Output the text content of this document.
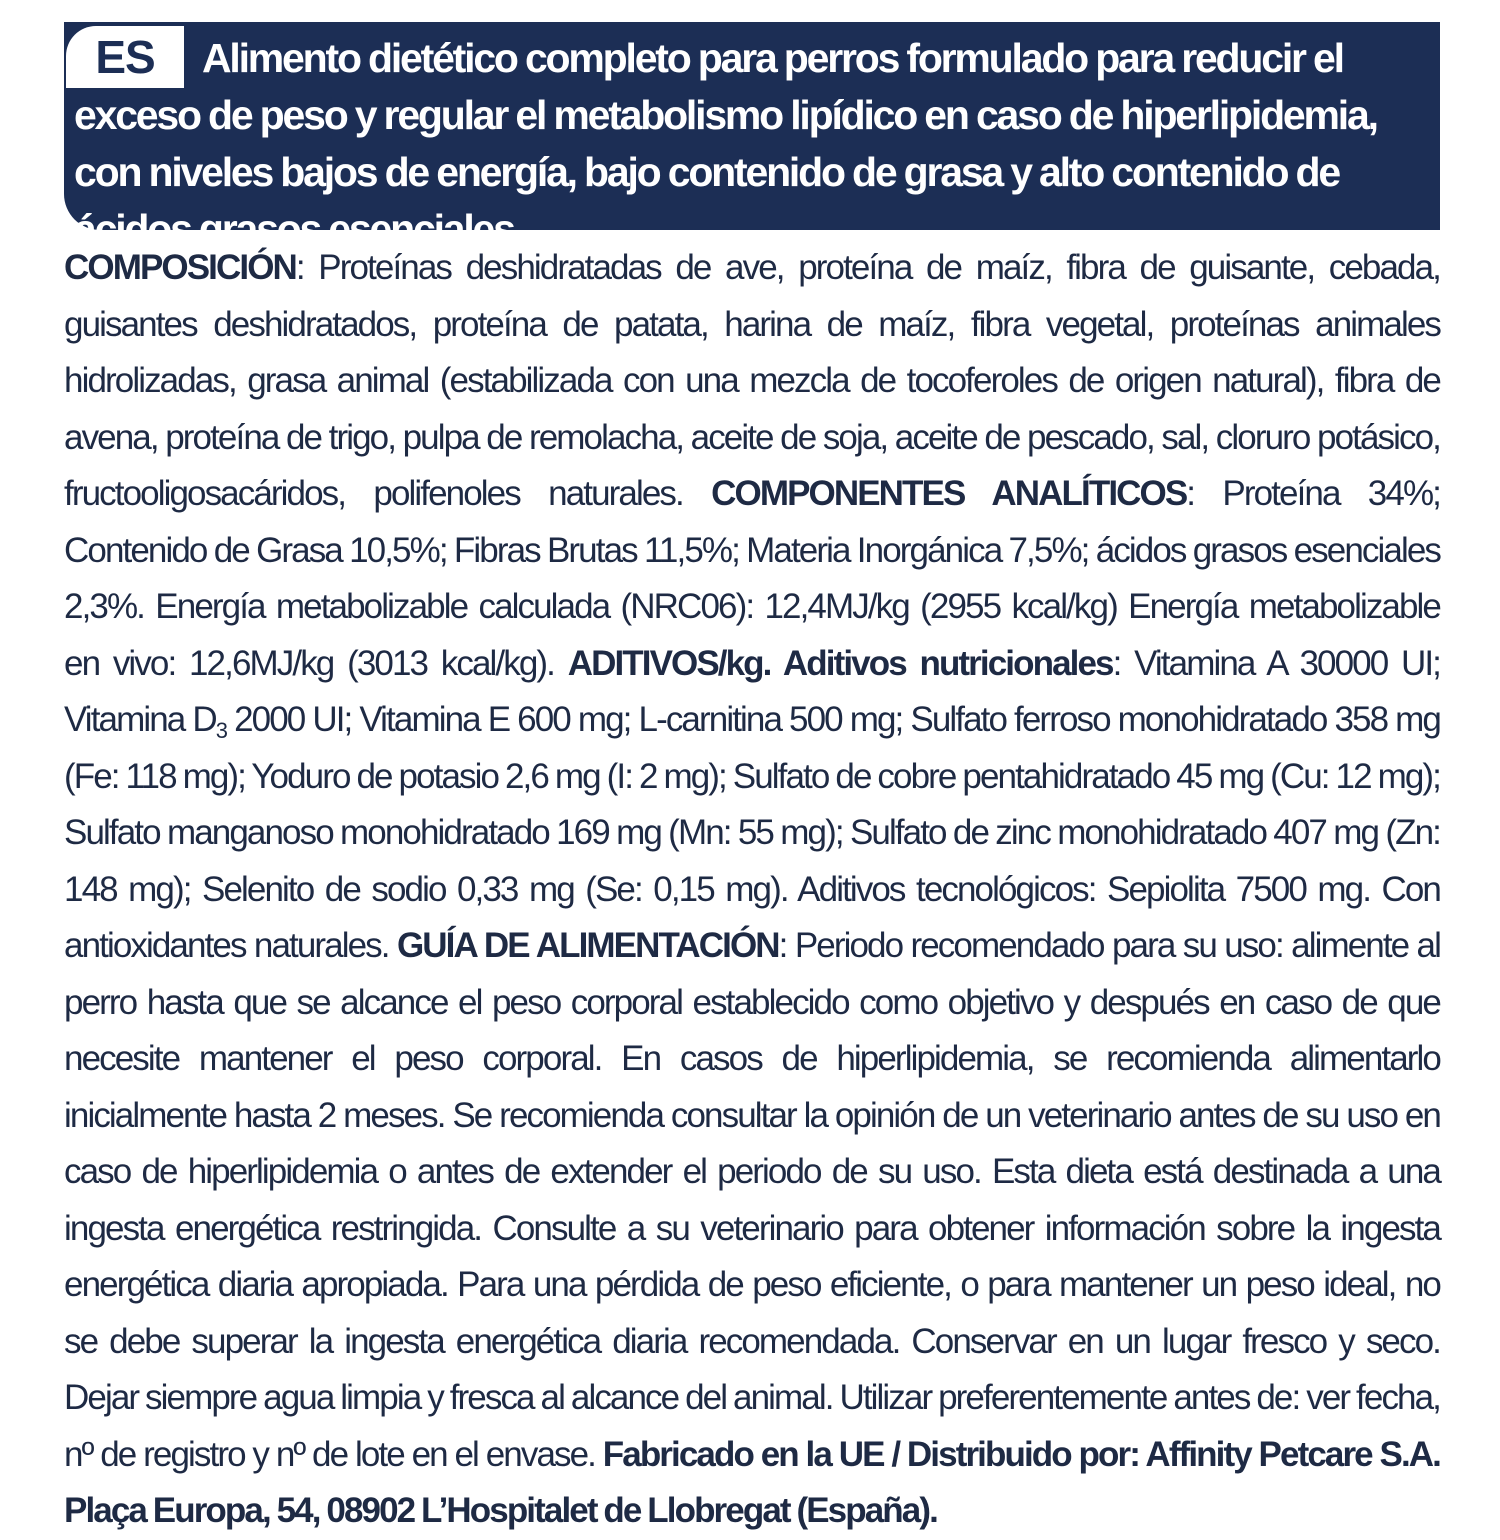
ES	Alimento dietético completo para perros formulado para reducir el exceso de peso y regular el metabolismo lipídico en caso de hiperlipidemia, con niveles bajos de energía, bajo contenido de grasa y alto contenido de ácidos grasos esenciales.
COMPOSICIÓN: Proteínas deshidratadas de ave, proteína de maíz, fibra de guisante, cebada, guisantes deshidratados, proteína de patata, harina de maíz, fibra vegetal, proteínas animales hidrolizadas, grasa animal (estabilizada con una mezcla de tocoferoles de origen natural), fibra de avena, proteína de trigo, pulpa de remolacha, aceite de soja, aceite de pescado, sal, cloruro potásico, fructooligosacáridos, polifenoles naturales. COMPONENTES ANALÍTICOS: Proteína 34%; Contenido de Grasa 10,5%; Fibras Brutas 11,5%; Materia Inorgánica 7,5%; ácidos grasos esenciales 2,3%. Energía metabolizable calculada (NRC06): 12,4MJ/kg (2955 kcal/kg) Energía metabolizable en vivo: 12,6MJ/kg (3013 kcal/kg). ADITIVOS/kg. Aditivos nutricionales: Vitamina A 30000 UI; Vitamina $D_3$ 2000 UI; Vitamina E 600 mg; L-carnitina 500 mg; Sulfato ferroso monohidratado 358 mg (Fe: 118 mg); Yoduro de potasio 2,6 mg (I: 2 mg); Sulfato de cobre pentahidratado 45 mg (Cu: 12 mg); Sulfato manganoso monohidratado 169 mg (Mn: 55 mg); Sulfato de zinc monohidratado 407 mg (Zn: 148 mg); Selenito de sodio 0,33 mg (Se: 0,15 mg). Aditivos tecnológicos: Sepiolita 7500 mg. Con antioxidantes naturales. GUÍA DE ALIMENTACIÓN: Periodo recomendado para su uso: alimente al perro hasta que se alcance el peso corporal establecido como objetivo y después en caso de que necesite mantener el peso corporal. En casos de hiperlipidemia, se recomienda alimentarlo inicialmente hasta 2 meses. Se recomienda consultar la opinión de un veterinario antes de su uso en caso de hiperlipidemia o antes de extender el periodo de su uso. Esta dieta está destinada a una ingesta energética restringida. Consulte a su veterinario para obtener información sobre la ingesta energética diaria apropiada. Para una pérdida de peso eficiente, o para mantener un peso ideal, no se debe superar la ingesta energética diaria recomendada. Conservar en un lugar fresco y seco. Dejar siempre agua limpia y fresca al alcance del animal. Utilizar preferentemente antes de: ver fecha, nº de registro y nº de lote en el envase. Fabricado en la UE / Distribuido por: Affinity Petcare S.A. Plaça Europa, 54, 08902 L’Hospitalet de Llobregat (España).
